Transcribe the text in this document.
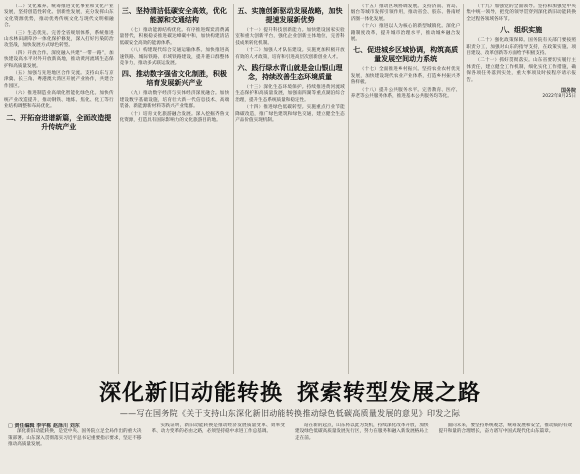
（二）文化素养。统筹推进文化事业和文化产业发展，坚持创造性转化、创新性发展，充分发挥山东文化资源优势，推动优秀传统文化与现代文明相融合。

（三）生态优先。完善全省规划体系，系统推进山水林田湖草沙一体化保护修复，深入打好污染防治攻坚战，加快发展方式绿色转型。

（四）开放合作。深度融入共建“一带一路”，加快建设高水平对外开放新高地，推动黄河流域生态保护和高质量发展。

（五）加强与先进地区合作交流。支持山东与京津冀、长三角、粤港澳大湾区开展产业协作，共建合作园区。

（六）推进制造业高端化智能化绿色化。加快传统产业改造提升，推动钢铁、地炼、焦化、化工等行业结构调整和布局优化。

二、开拓奋进谱新篇，全面改造提升传统产业
三、坚持清洁低碳安全高效，优化能源和交通结构

（七）推动能源结构优化。有序推进煤炭消费减量替代，积极稳妥推进碳达峰碳中和，加快构建清洁低碳安全高效的能源体系。

（八）构建现代综合交通运输体系。加快推进高速铁路、城际铁路、市域铁路建设，提升港口群整体竞争力，推动多式联运发展。

四、推动数字强省文化制胜，积极培育发展新兴产业

（九）推动数字经济与实体经济深度融合。加快建设数字基础设施，培育壮大新一代信息技术、高端装备、新能源新材料等新兴产业集群。

（十）培育文化旅游融合发展。深入挖掘齐鲁文化资源，打造具有国际影响力的文化旅游目的地。

五、实施创新驱动发展战略，加快提速发展新优势

（十一）提升科技创新能力。加快建设国家实验室和重大创新平台，强化企业创新主体地位，完善科技成果转化机制。

（十二）加强人才队伍建设。实施更加积极开放有效的人才政策，培育和引进高层次创新创业人才。

六、践行绿水青山就是金山银山理念，持续改善生态环境质量

（十三）深化生态环境保护。持续推进黄河流域生态保护和高质量发展，加强南四湖等重点湖泊综合治理，提升生态系统质量和稳定性。

（十四）推进绿色低碳转型。实施重点行业节能降碳改造，推广绿色建筑和绿色交通，建立健全生态产品价值实现机制。

（十五）推动区域协调发展。支持济南、青岛、烟台等城市发挥引领作用，推动省会、胶东、鲁南经济圈一体化发展。

（十六）推进以人为核心的新型城镇化。深化户籍制度改革，提升城市治理水平，推动城乡融合发展。

七、促进城乡区域协调，构筑高质量发展空间动力系统

（十七）全面推进乡村振兴。坚持农业农村优先发展，加快建设现代农业产业体系，打造乡村振兴齐鲁样板。

（十八）提升公共服务水平。完善教育、医疗、养老等公共服务体系，推进基本公共服务均等化。

（十九）加强党的全面领导。坚持和加强党中央集中统一领导，把党的领导贯穿到深化新旧动能转换全过程各领域各环节。

八、组织实施

（二十）强化政策保障。国务院有关部门要按照职责分工，加强对山东的指导支持，在政策实施、项目建设、改革创新等方面给予积极支持。

（二十一）抓好贯彻落实。山东省要切实履行主体责任，建立健全工作机制，细化实化工作措施，确保各项任务落到实处，重大事项及时按程序请示报告。

国务院
2022年8月25日
深化新旧动能转换 探索转型发展之路
——写在国务院《关于支持山东深化新旧动能转换推动绿色低碳高质量发展的意见》印发之际

□ 责任编辑 李宇栋 赵泽川 刘东

深化新旧动能转换，是党中央、国务院立足全局作出的重大决策部署。山东深入贯彻落实习近平总书记重要指示要求，坚定不移推动高质量发展。

实践证明，新旧动能转换是推动经济发展质量变革、效率变革、动力变革的必由之路，必须坚持稳中求进工作总基调。

站在新的起点，山东将以此为契机，持续深化改革开放，加快建设绿色低碳高质量发展先行区，努力在服务和融入新发展格局上走在前。

面向未来，要坚持系统观念，统筹发展和安全，推动质的有效提升和量的合理增长，奋力谱写中国式现代化山东篇章。
